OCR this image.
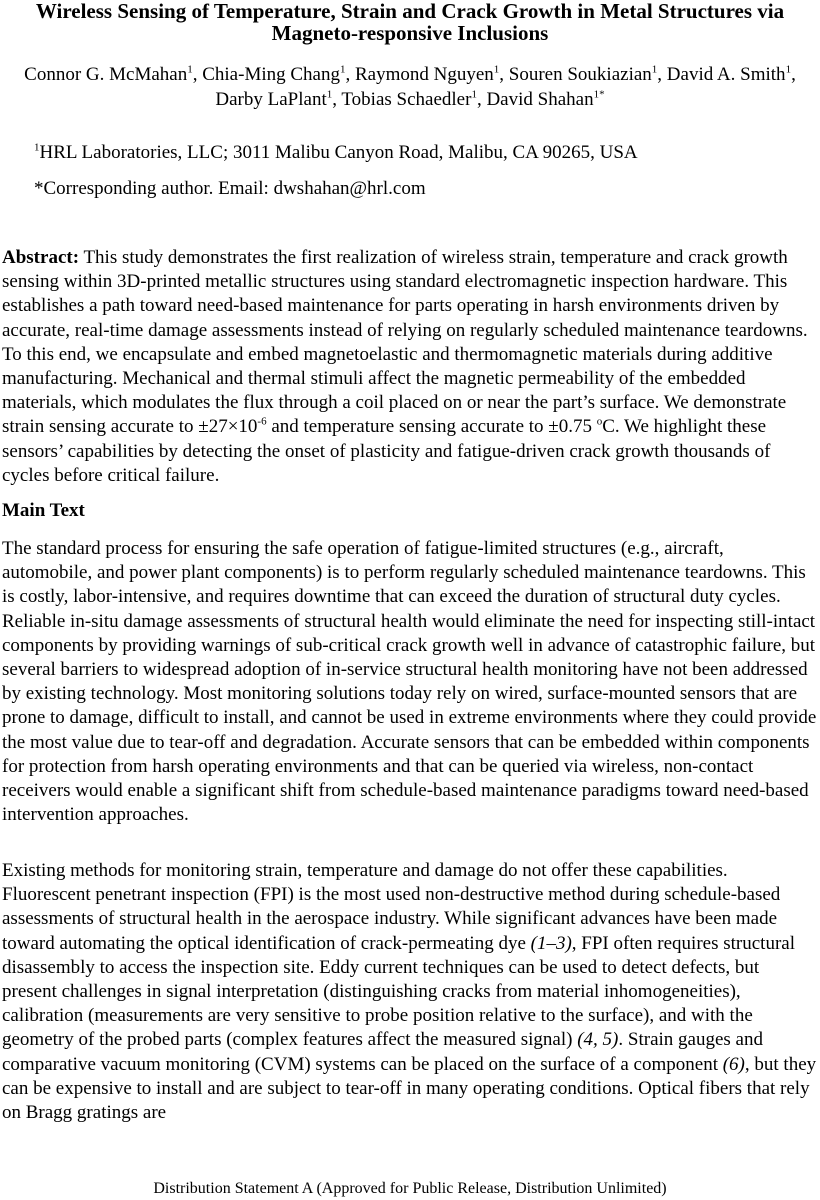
Wireless Sensing of Temperature, Strain and Crack Growth in Metal Structures via Magneto-responsive Inclusions
Connor G. McMahan$^1$, Chia-Ming Chang$^1$, Raymond Nguyen$^1$, Souren Soukiazian$^1$, David A. Smith$^1$, Darby LaPlant$^1$, Tobias Schaedler$^1$, David Shahan$^{1*}$
$^1$HRL Laboratories, LLC; 3011 Malibu Canyon Road, Malibu, CA 90265, USA
*Corresponding author. Email: dwshahan@hrl.com

Abstract: This study demonstrates the first realization of wireless strain, temperature and crack growth sensing within 3D-printed metallic structures using standard electromagnetic inspection hardware. This establishes a path toward need-based maintenance for parts operating in harsh environments driven by accurate, real-time damage assessments instead of relying on regularly scheduled maintenance teardowns. To this end, we encapsulate and embed magnetoelastic and thermomagnetic materials during additive manufacturing. Mechanical and thermal stimuli affect the magnetic permeability of the embedded materials, which modulates the flux through a coil placed on or near the part’s surface. We demonstrate strain sensing accurate to $\pm 27\times 10^{-6}$ and temperature sensing accurate to ±0.75 $^o$C. We highlight these sensors’ capabilities by detecting the onset of plasticity and fatigue-driven crack growth thousands of cycles before critical failure.

Main Text

The standard process for ensuring the safe operation of fatigue-limited structures (e.g., aircraft, automobile, and power plant components) is to perform regularly scheduled maintenance teardowns. This is costly, labor-intensive, and requires downtime that can exceed the duration of structural duty cycles. Reliable in-situ damage assessments of structural health would eliminate the need for inspecting still-intact components by providing warnings of sub-critical crack growth well in advance of catastrophic failure, but several barriers to widespread adoption of in-service structural health monitoring have not been addressed by existing technology. Most monitoring solutions today rely on wired, surface-mounted sensors that are prone to damage, difficult to install, and cannot be used in extreme environments where they could provide the most value due to tear-off and degradation. Accurate sensors that can be embedded within components for protection from harsh operating environments and that can be queried via wireless, non-contact receivers would enable a significant shift from schedule-based maintenance paradigms toward need-based intervention approaches.

Existing methods for monitoring strain, temperature and damage do not offer these capabilities. Fluorescent penetrant inspection (FPI) is the most used non-destructive method during schedule-based assessments of structural health in the aerospace industry. While significant advances have been made toward automating the optical identification of crack-permeating dye (1–3), FPI often requires structural disassembly to access the inspection site. Eddy current techniques can be used to detect defects, but present challenges in signal interpretation (distinguishing cracks from material inhomogeneities), calibration (measurements are very sensitive to probe position relative to the surface), and with the geometry of the probed parts (complex features affect the measured signal) (4, 5). Strain gauges and comparative vacuum monitoring (CVM) systems can be placed on the surface of a component (6), but they can be expensive to install and are subject to tear-off in many operating conditions. Optical fibers that rely on Bragg gratings are

Distribution Statement A (Approved for Public Release, Distribution Unlimited)
